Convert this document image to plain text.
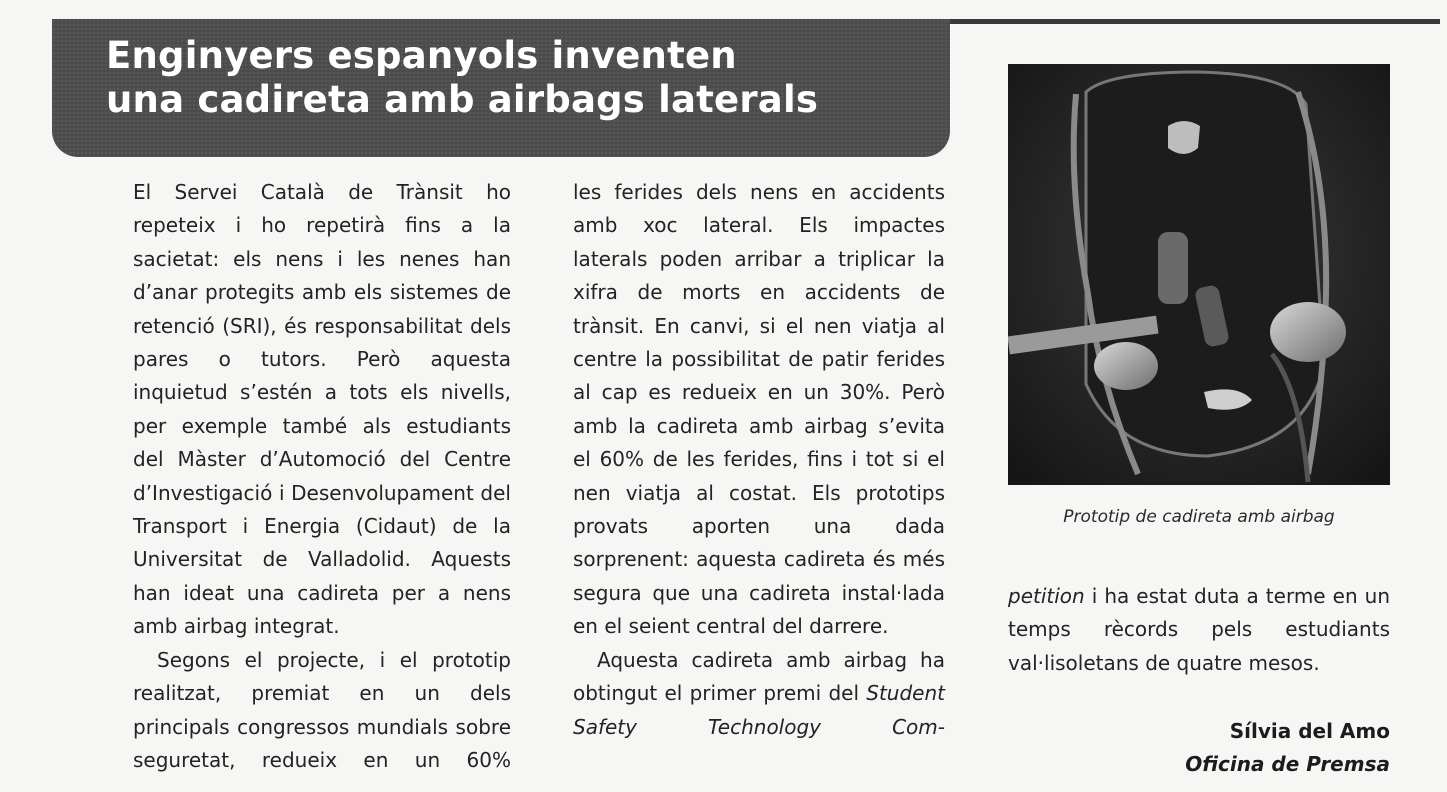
Enginyers espanyols inventen
una cadireta amb airbags laterals

El Servei Català de Trànsit ho repeteix i ho repetirà fins a la sacietat: els nens i les nenes han d’anar protegits amb els sistemes de retenció (SRI), és responsabilitat dels pares o tutors. Però aquesta inquietud s’estén a tots els nivells, per exemple també als estudiants del Màster d’Automoció del Centre d’Investigació i Desenvolupament del Transport i Energia (Cidaut) de la Universitat de Valladolid. Aquests han ideat una cadireta per a nens amb airbag integrat.

Segons el projecte, i el prototip realitzat, premiat en un dels principals congressos mundials sobre seguretat, redueix en un 60%

les ferides dels nens en accidents amb xoc lateral. Els impactes laterals poden arribar a triplicar la xifra de morts en accidents de trànsit. En canvi, si el nen viatja al centre la possibilitat de patir ferides al cap es redueix en un 30%. Però amb la cadireta amb airbag s’evita el 60% de les ferides, fins i tot si el nen viatja al costat. Els prototips provats aporten una dada sorprenent: aquesta cadireta és més segura que una cadireta instal·lada en el seient central del darrere.

Aquesta cadireta amb airbag ha obtingut el primer premi del Student Safety Technology Com-

Prototip de cadireta amb airbag

petition i ha estat duta a terme en un temps rècords pels estudiants val·lisoletans de quatre mesos.

Sílvia del Amo
Oficina de Premsa
